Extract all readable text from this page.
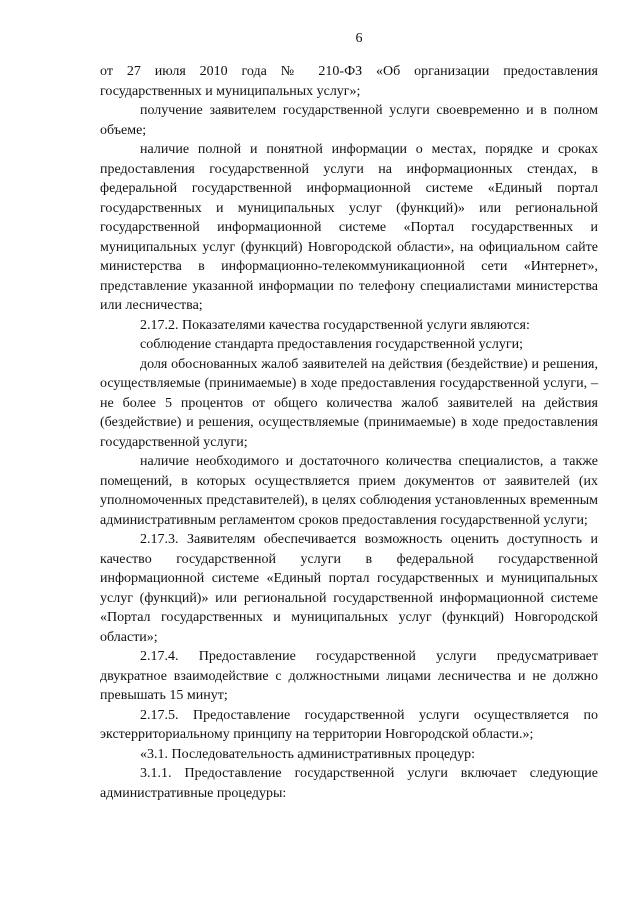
6

от 27 июля 2010 года № 210-ФЗ «Об организации предоставления государственных и муниципальных услуг»;

получение заявителем государственной услуги своевременно и в полном объеме;

наличие полной и понятной информации о местах, порядке и сроках предоставления государственной услуги на информационных стендах, в федеральной государственной информационной системе «Единый портал государственных и муниципальных услуг (функций)» или региональной государственной информационной системе «Портал государственных и муниципальных услуг (функций) Новгородской области», на официальном сайте министерства в информационно-телекоммуникационной сети «Интернет», представление указанной информации по телефону специалистами министерства или лесничества;

2.17.2. Показателями качества государственной услуги являются:

соблюдение стандарта предоставления государственной услуги;

доля обоснованных жалоб заявителей на действия (бездействие) и решения, осуществляемые (принимаемые) в ходе предоставления государственной услуги, – не более 5 процентов от общего количества жалоб заявителей на действия (бездействие) и решения, осуществляемые (принимаемые) в ходе предоставления государственной услуги;

наличие необходимого и достаточного количества специалистов, а также помещений, в которых осуществляется прием документов от заявителей (их уполномоченных представителей), в целях соблюдения установленных временным административным регламентом сроков предоставления государственной услуги;

2.17.3. Заявителям обеспечивается возможность оценить доступность и качество государственной услуги в федеральной государственной информационной системе «Единый портал государственных и муниципальных услуг (функций)» или региональной государственной информационной системе «Портал государственных и муниципальных услуг (функций) Новгородской области»;

2.17.4. Предоставление государственной услуги предусматривает двукратное взаимодействие с должностными лицами лесничества и не должно превышать 15 минут;

2.17.5. Предоставление государственной услуги осуществляется по экстерриториальному принципу на территории Новгородской области.»;

«3.1. Последовательность административных процедур:

3.1.1. Предоставление государственной услуги включает следующие административные процедуры:
